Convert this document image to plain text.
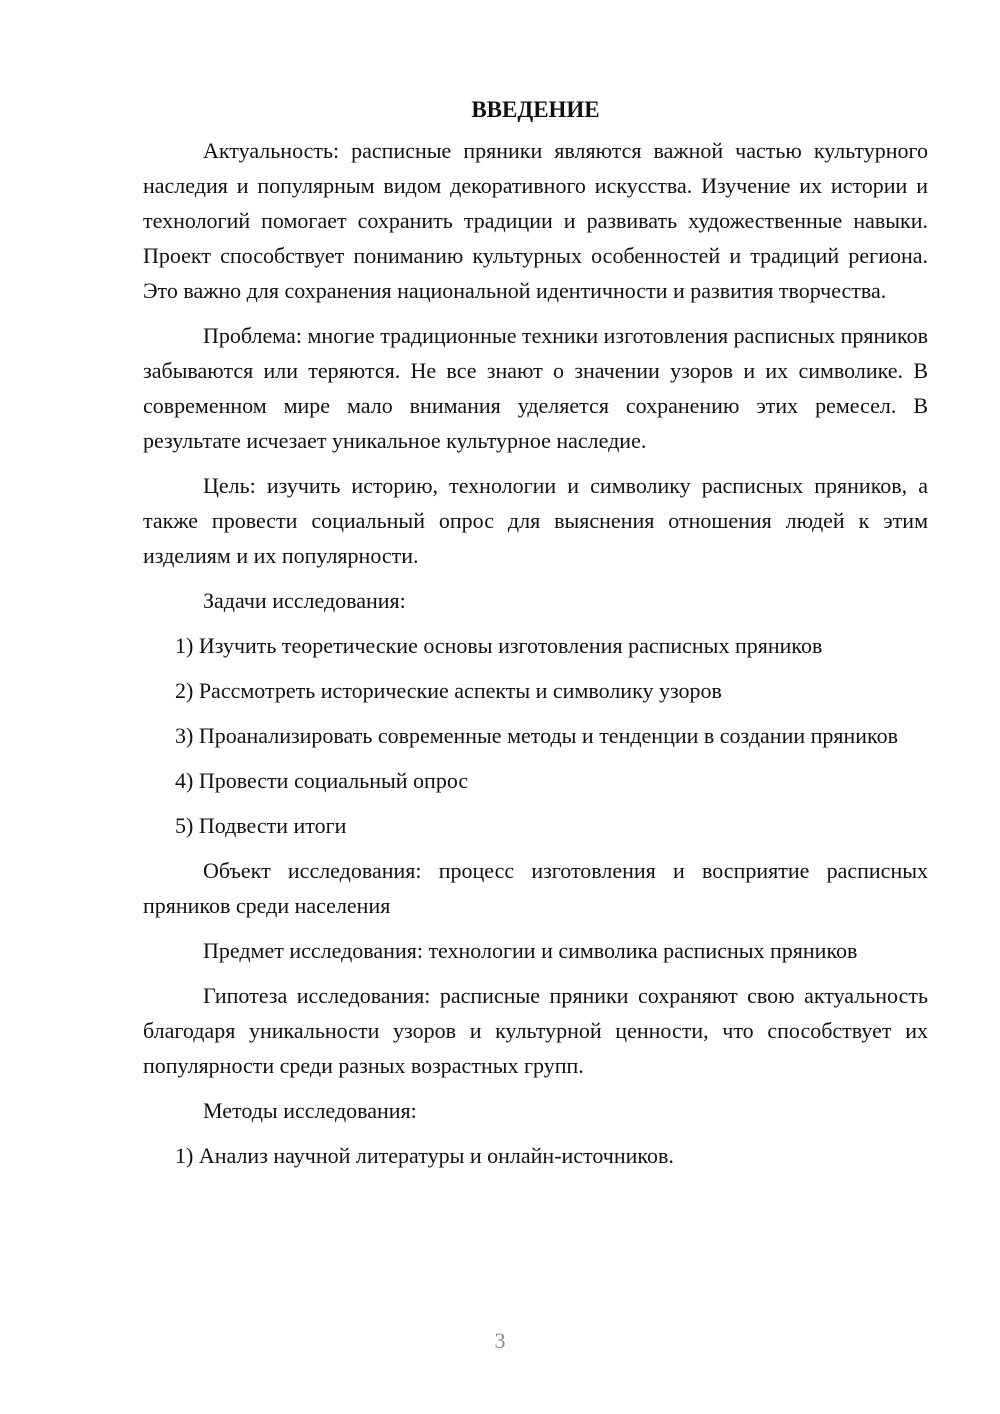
ВВЕДЕНИЕ

Актуальность: расписные пряники являются важной частью культурного наследия и популярным видом декоративного искусства. Изучение их истории и технологий помогает сохранить традиции и развивать художественные навыки. Проект способствует пониманию культурных особенностей и традиций региона. Это важно для сохранения национальной идентичности и развития творчества.

Проблема: многие традиционные техники изготовления расписных пряников забываются или теряются. Не все знают о значении узоров и их символике. В современном мире мало внимания уделяется сохранению этих ремесел. В результате исчезает уникальное культурное наследие.

Цель: изучить историю, технологии и символику расписных пряников, а также провести социальный опрос для выяснения отношения людей к этим изделиям и их популярности.

Задачи исследования:

1) Изучить теоретические основы изготовления расписных пряников

2) Рассмотреть исторические аспекты и символику узоров

3) Проанализировать современные методы и тенденции в создании пряников

4) Провести социальный опрос

5) Подвести итоги

Объект исследования: процесс изготовления и восприятие расписных пряников среди населения

Предмет исследования: технологии и символика расписных пряников

Гипотеза исследования: расписные пряники сохраняют свою актуальность благодаря уникальности узоров и культурной ценности, что способствует их популярности среди разных возрастных групп.

Методы исследования:

1) Анализ научной литературы и онлайн-источников.

3
